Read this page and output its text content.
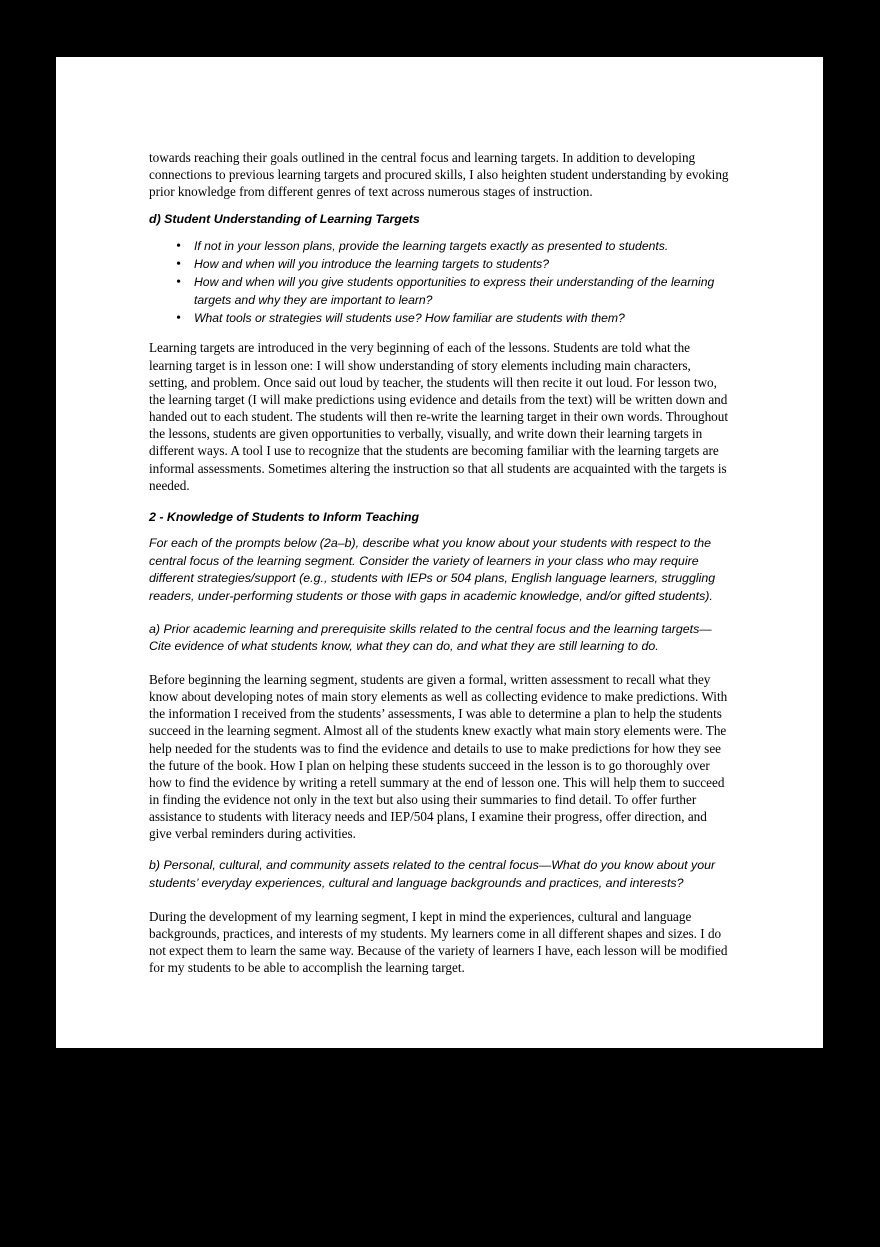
towards reaching their goals outlined in the central focus and learning targets. In addition to developing connections to previous learning targets and procured skills, I also heighten student understanding by evoking prior knowledge from different genres of text across numerous stages of instruction.

d) Student Understanding of Learning Targets

• If not in your lesson plans, provide the learning targets exactly as presented to students.
• How and when will you introduce the learning targets to students?
• How and when will you give students opportunities to express their understanding of the learning targets and why they are important to learn?
• What tools or strategies will students use? How familiar are students with them?

Learning targets are introduced in the very beginning of each of the lessons. Students are told what the learning target is in lesson one: I will show understanding of story elements including main characters, setting, and problem. Once said out loud by teacher, the students will then recite it out loud. For lesson two, the learning target (I will make predictions using evidence and details from the text) will be written down and handed out to each student. The students will then re-write the learning target in their own words. Throughout the lessons, students are given opportunities to verbally, visually, and write down their learning targets in different ways. A tool I use to recognize that the students are becoming familiar with the learning targets are informal assessments. Sometimes altering the instruction so that all students are acquainted with the targets is needed.

2 - Knowledge of Students to Inform Teaching

For each of the prompts below (2a–b), describe what you know about your students with respect to the central focus of the learning segment. Consider the variety of learners in your class who may require different strategies/support (e.g., students with IEPs or 504 plans, English language learners, struggling readers, under-performing students or those with gaps in academic knowledge, and/or gifted students).

a) Prior academic learning and prerequisite skills related to the central focus and the learning targets—Cite evidence of what students know, what they can do, and what they are still learning to do.

Before beginning the learning segment, students are given a formal, written assessment to recall what they know about developing notes of main story elements as well as collecting evidence to make predictions. With the information I received from the students’ assessments, I was able to determine a plan to help the students succeed in the learning segment. Almost all of the students knew exactly what main story elements were. The help needed for the students was to find the evidence and details to use to make predictions for how they see the future of the book. How I plan on helping these students succeed in the lesson is to go thoroughly over how to find the evidence by writing a retell summary at the end of lesson one. This will help them to succeed in finding the evidence not only in the text but also using their summaries to find detail. To offer further assistance to students with literacy needs and IEP/504 plans, I examine their progress, offer direction, and give verbal reminders during activities.

b) Personal, cultural, and community assets related to the central focus—What do you know about your students’ everyday experiences, cultural and language backgrounds and practices, and interests?

During the development of my learning segment, I kept in mind the experiences, cultural and language backgrounds, practices, and interests of my students. My learners come in all different shapes and sizes. I do not expect them to learn the same way. Because of the variety of learners I have, each lesson will be modified for my students to be able to accomplish the learning target.
